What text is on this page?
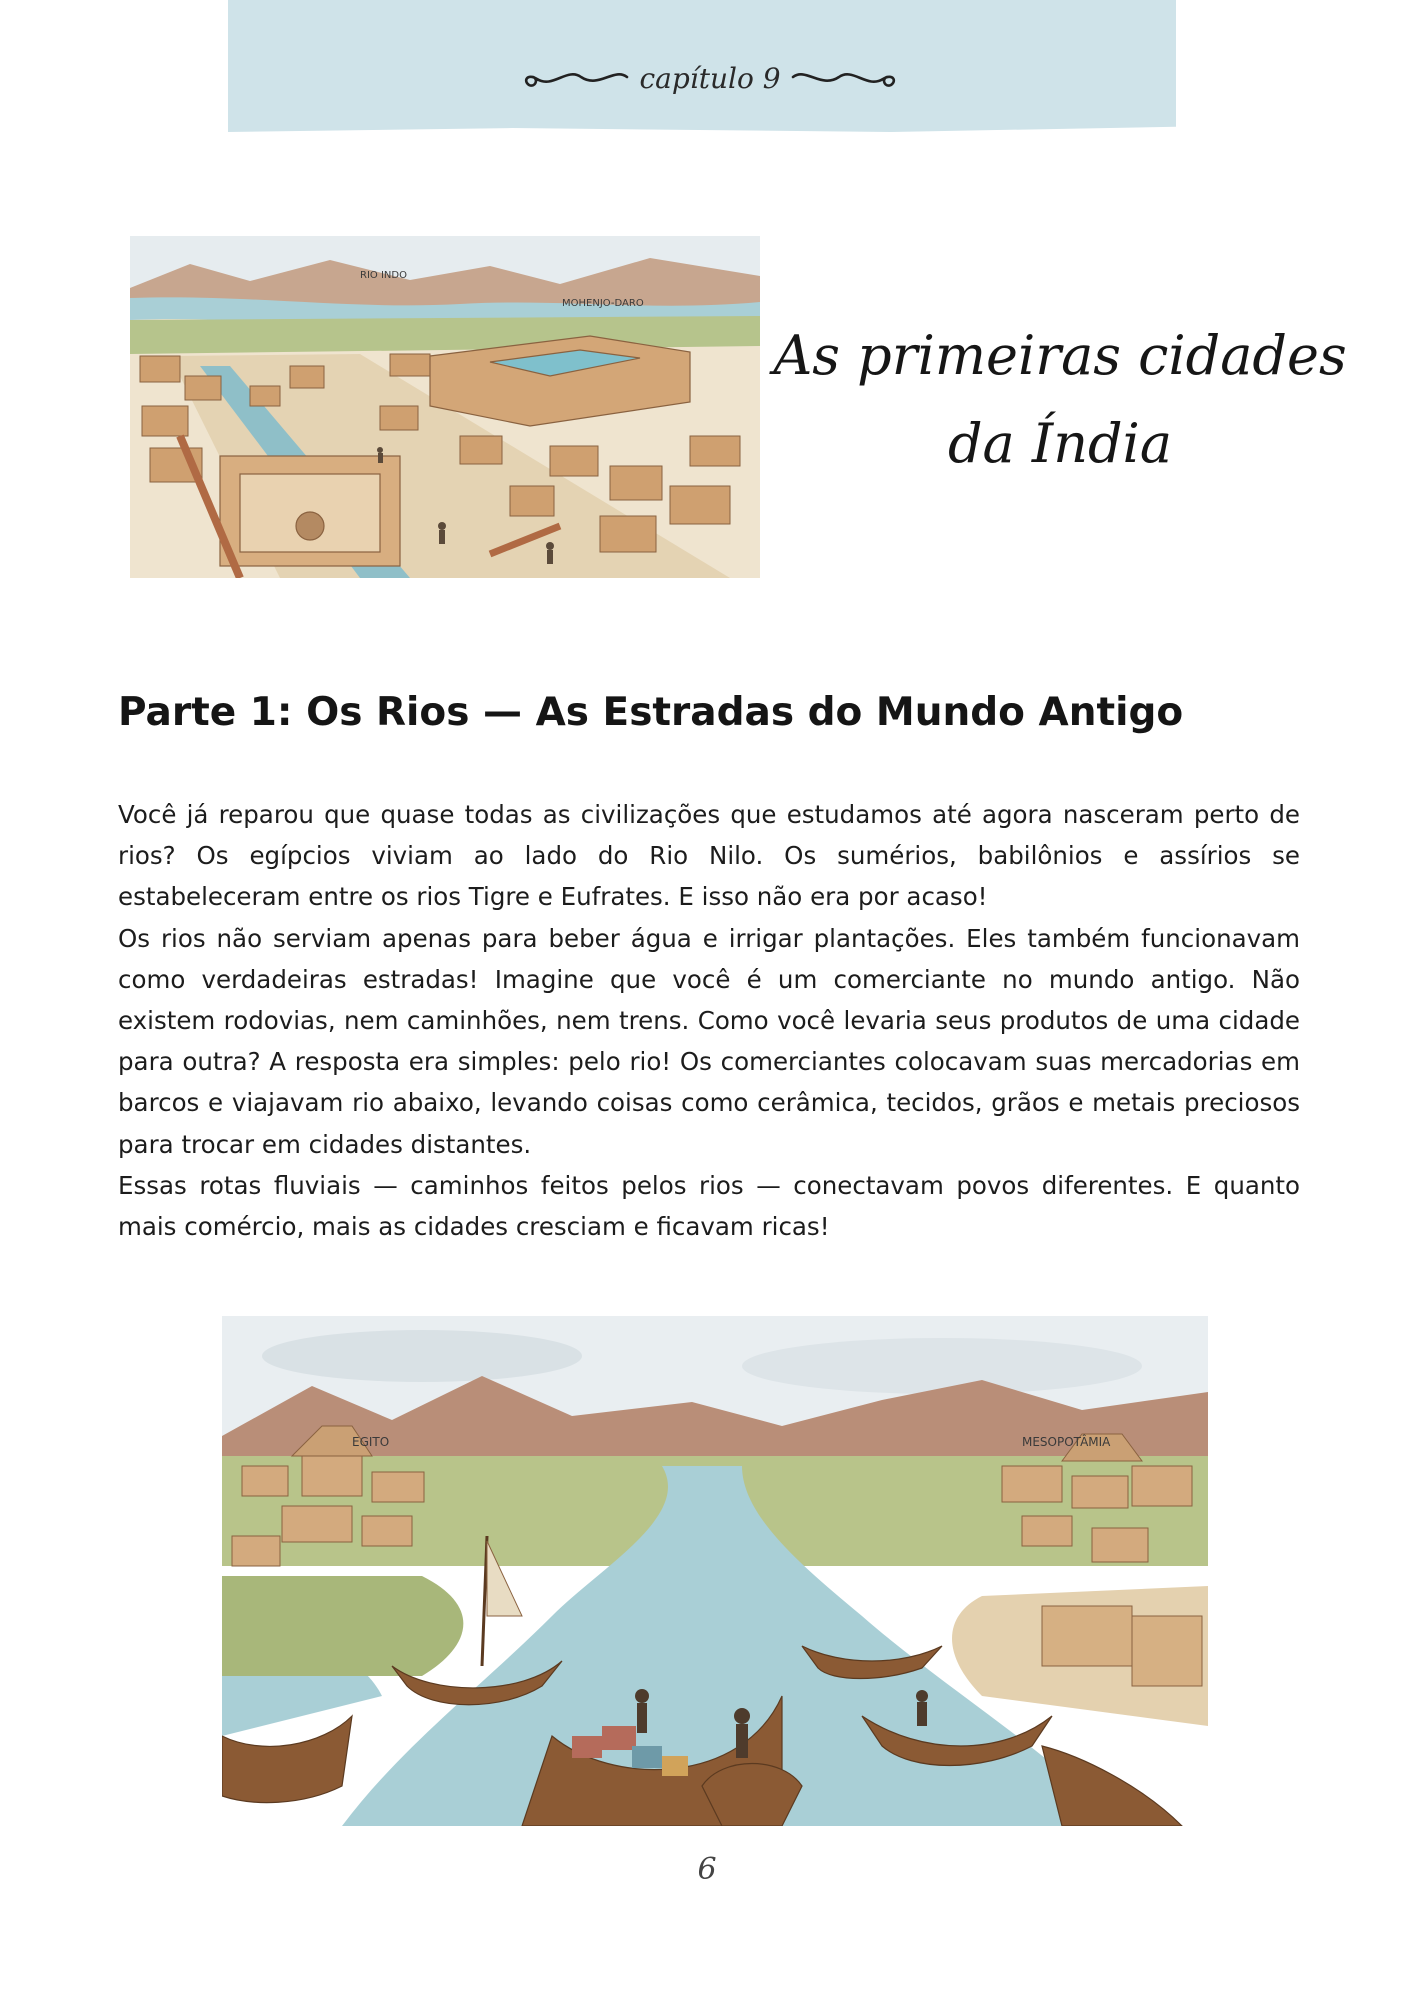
capítulo 9
RIO INDO
MOHENJO-DARO
As primeiras cidades
da Índia
Parte 1: Os Rios — As Estradas do Mundo Antigo

Você já reparou que quase todas as civilizações que estudamos até agora nasceram perto de rios? Os egípcios viviam ao lado do Rio Nilo. Os sumérios, babilônios e assírios se estabeleceram entre os rios Tigre e Eufrates. E isso não era por acaso!

Os rios não serviam apenas para beber água e irrigar plantações. Eles também funcionavam como verdadeiras estradas! Imagine que você é um comerciante no mundo antigo. Não existem rodovias, nem caminhões, nem trens. Como você levaria seus produtos de uma cidade para outra? A resposta era simples: pelo rio! Os comerciantes colocavam suas mercadorias em barcos e viajavam rio abaixo, levando coisas como cerâmica, tecidos, grãos e metais preciosos para trocar em cidades distantes.

Essas rotas fluviais — caminhos feitos pelos rios — conectavam povos diferentes. E quanto mais comércio, mais as cidades cresciam e ficavam ricas!

EGITO	MESOPOTÂMIA
6
